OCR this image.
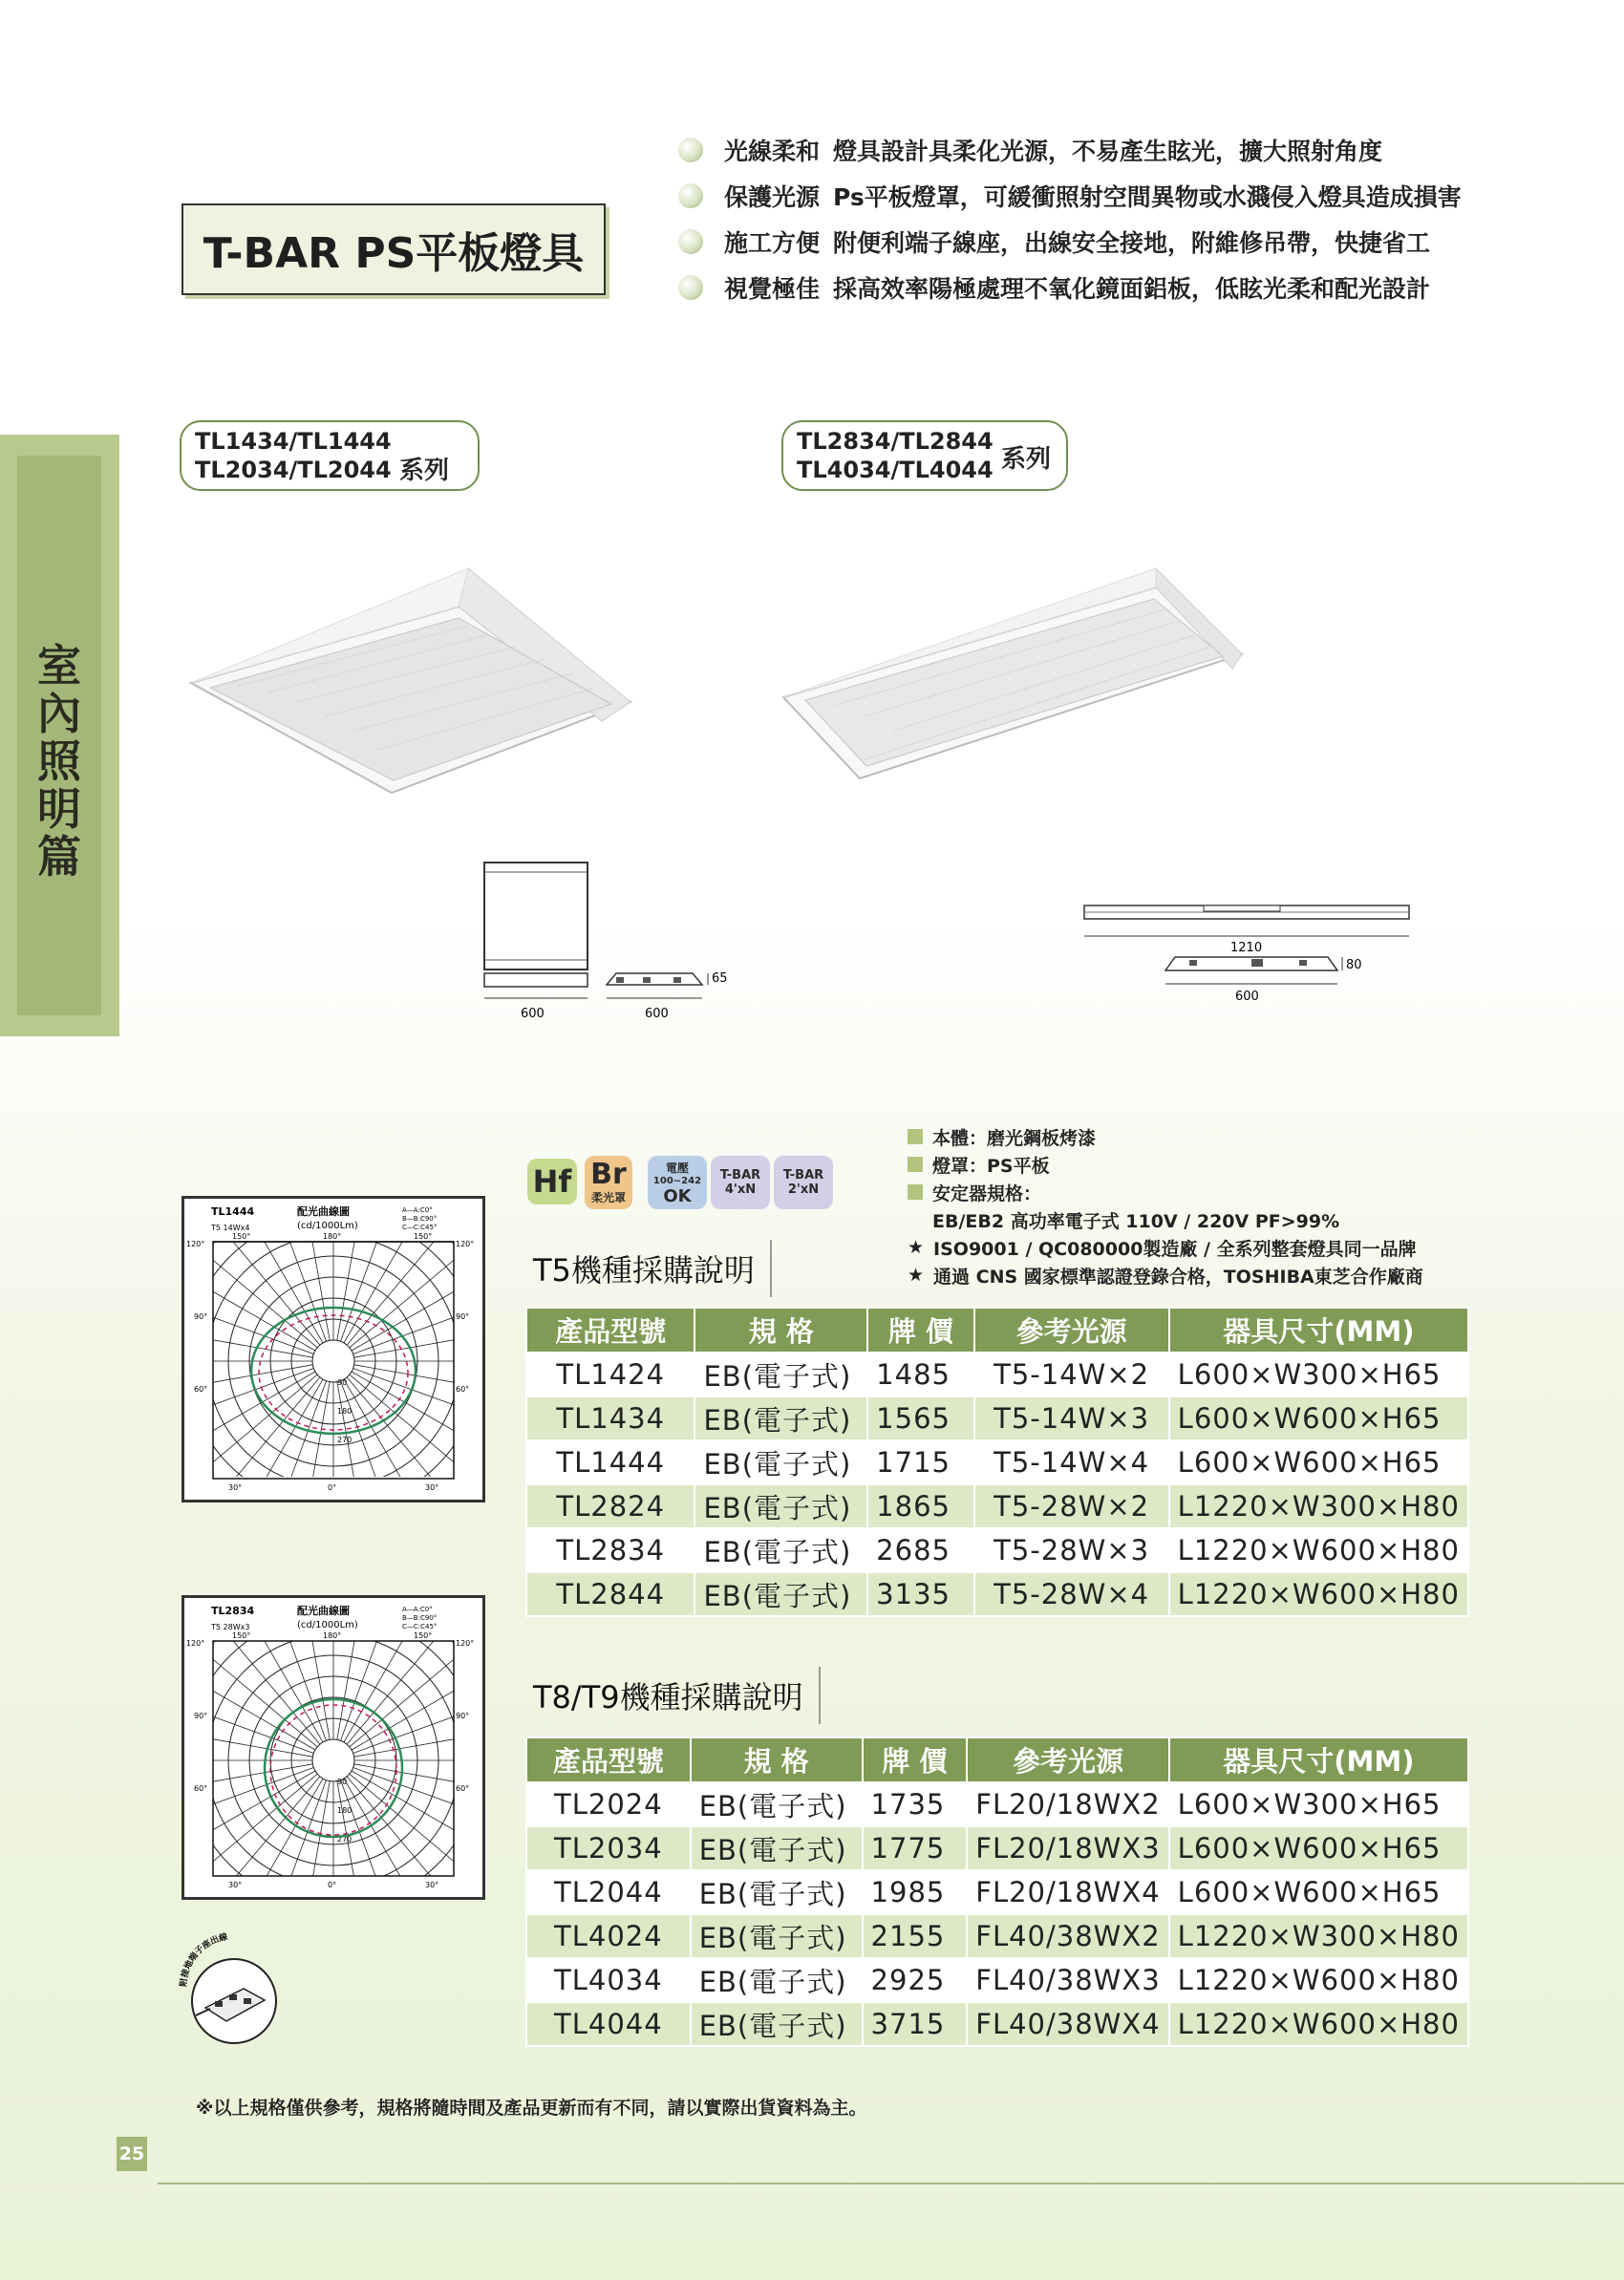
室
內
照
明
篇
T-BAR PS平板燈具
光線柔和 燈具設計具柔化光源，不易產生眩光，擴大照射角度
保護光源 Ps平板燈罩，可緩衝照射空間異物或水濺侵入燈具造成損害
施工方便 附便利端子線座，出線安全接地，附維修吊帶，快捷省工
視覺極佳 採高效率陽極處理不氧化鏡面鋁板，低眩光柔和配光設計
TL1434/TL1444
TL2034/TL2044 系列
TL2834/TL2844
TL4034/TL4044 系列
600	600
65
1210
80
600
Hf Br
柔光罩
電壓
100~242
OK
T-BAR
4'xN
T-BAR
2'xN
本體：磨光鋼板烤漆
燈罩：PS平板
安定器規格：
EB/EB2 高功率電子式 110V / 220V PF>99%
★ ISO9001 / QC080000製造廠 / 全系列整套燈具同一品牌
★ 通過 CNS 國家標準認證登錄合格，TOSHIBA東芝合作廠商
T5機種採購說明
產品型號	規 格	牌 價	參考光源	器具尺寸(MM)
TL1424	EB(電子式)	1485	T5-14W×2	L600×W300×H65
TL1434	EB(電子式)	1565	T5-14W×3	L600×W600×H65
TL1444	EB(電子式)	1715	T5-14W×4	L600×W600×H65
TL2824	EB(電子式)	1865	T5-28W×2	L1220×W300×H80
TL2834	EB(電子式)	2685	T5-28W×3	L1220×W600×H80
TL2844	EB(電子式)	3135	T5-28W×4	L1220×W600×H80
T8/T9機種採購說明
產品型號	規 格	牌 價	參考光源	器具尺寸(MM)
TL2024	EB(電子式)	1735	FL20/18WX2	L600×W300×H65
TL2034	EB(電子式)	1775	FL20/18WX3	L600×W600×H65
TL2044	EB(電子式)	1985	FL20/18WX4	L600×W600×H65
TL4024	EB(電子式)	2155	FL40/38WX2	L1220×W300×H80
TL4034	EB(電子式)	2925	FL40/38WX3	L1220×W600×H80
TL4044	EB(電子式)	3715	FL40/38WX4	L1220×W600×H80
TL1444
T5 14Wx4
配光曲線圖
(cd/1000Lm)
A—A:C0°
B—B:C90°
C—C:C45°
150°	180°	150°
120°	120°
90°	90°
60°	60°
30°	0°	30°
90
180
270
TL2834
T5 28Wx3
配光曲線圖
(cd/1000Lm)
A—A:C0°
B—B:C90°
C—C:C45°
150°	180°	150°
120°	120°
90°	90°
60°	60°
30°	0°	30°
90
180
270
附接地端子座出線
※以上規格僅供參考，規格將隨時間及產品更新而有不同，請以實際出貨資料為主。
25
